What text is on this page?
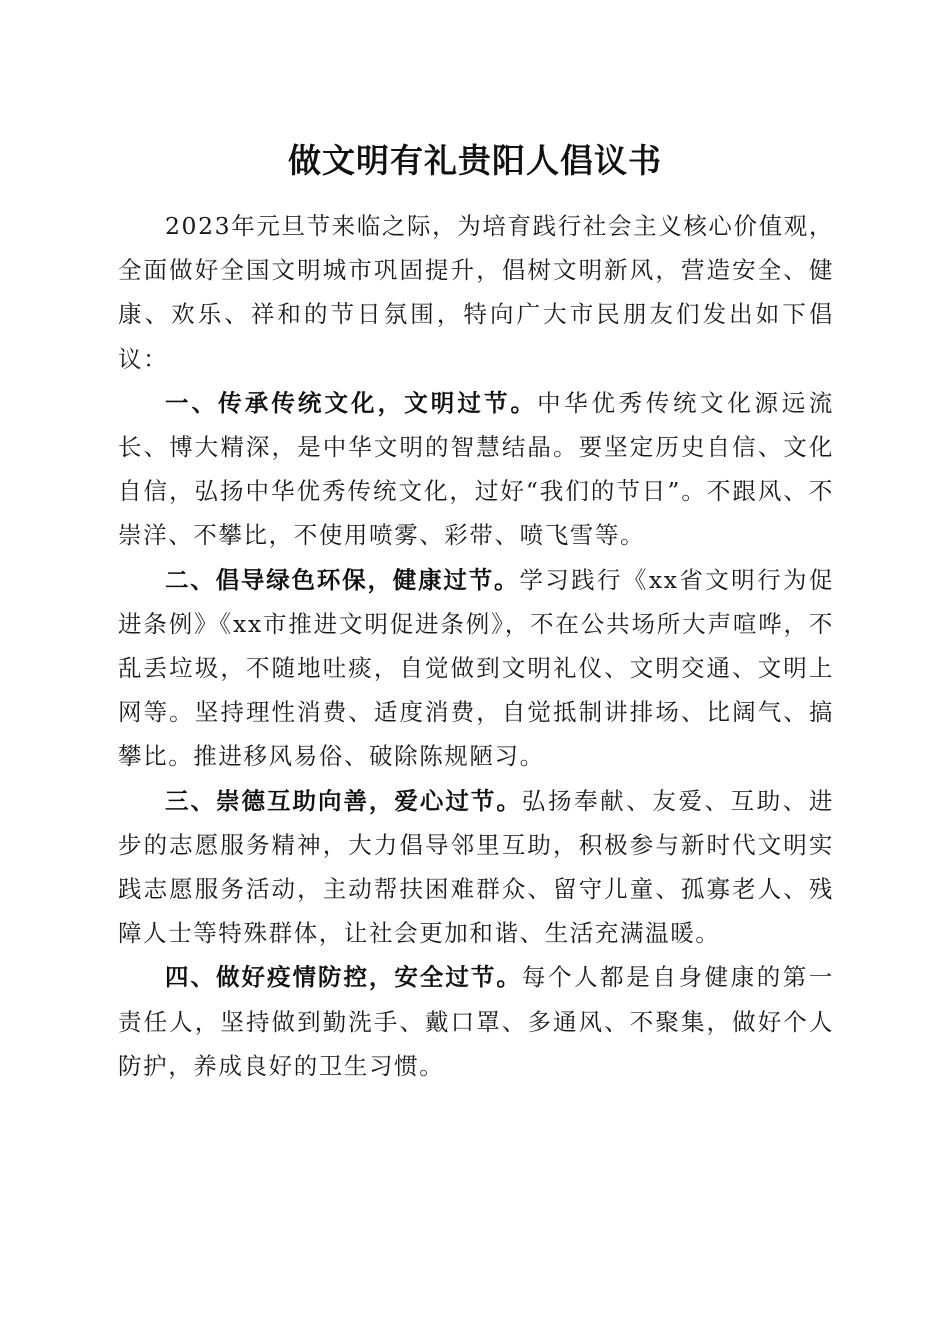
做文明有礼贵阳人倡议书

2023年元旦节来临之际，为培育践行社会主义核心价值观，全面做好全国文明城市巩固提升，倡树文明新风，营造安全、健康、欢乐、祥和的节日氛围，特向广大市民朋友们发出如下倡议：

一、传承传统文化，文明过节。中华优秀传统文化源远流长、博大精深，是中华文明的智慧结晶。要坚定历史自信、文化自信，弘扬中华优秀传统文化，过好“我们的节日”。不跟风、不崇洋、不攀比，不使用喷雾、彩带、喷飞雪等。

二、倡导绿色环保，健康过节。学习践行《xx省文明行为促进条例》《xx市推进文明促进条例》，不在公共场所大声喧哗，不乱丢垃圾，不随地吐痰，自觉做到文明礼仪、文明交通、文明上网等。坚持理性消费、适度消费，自觉抵制讲排场、比阔气、搞攀比。推进移风易俗、破除陈规陋习。

三、崇德互助向善，爱心过节。弘扬奉献、友爱、互助、进步的志愿服务精神，大力倡导邻里互助，积极参与新时代文明实践志愿服务活动，主动帮扶困难群众、留守儿童、孤寡老人、残障人士等特殊群体，让社会更加和谐、生活充满温暖。

四、做好疫情防控，安全过节。每个人都是自身健康的第一责任人，坚持做到勤洗手、戴口罩、多通风、不聚集，做好个人防护，养成良好的卫生习惯。
